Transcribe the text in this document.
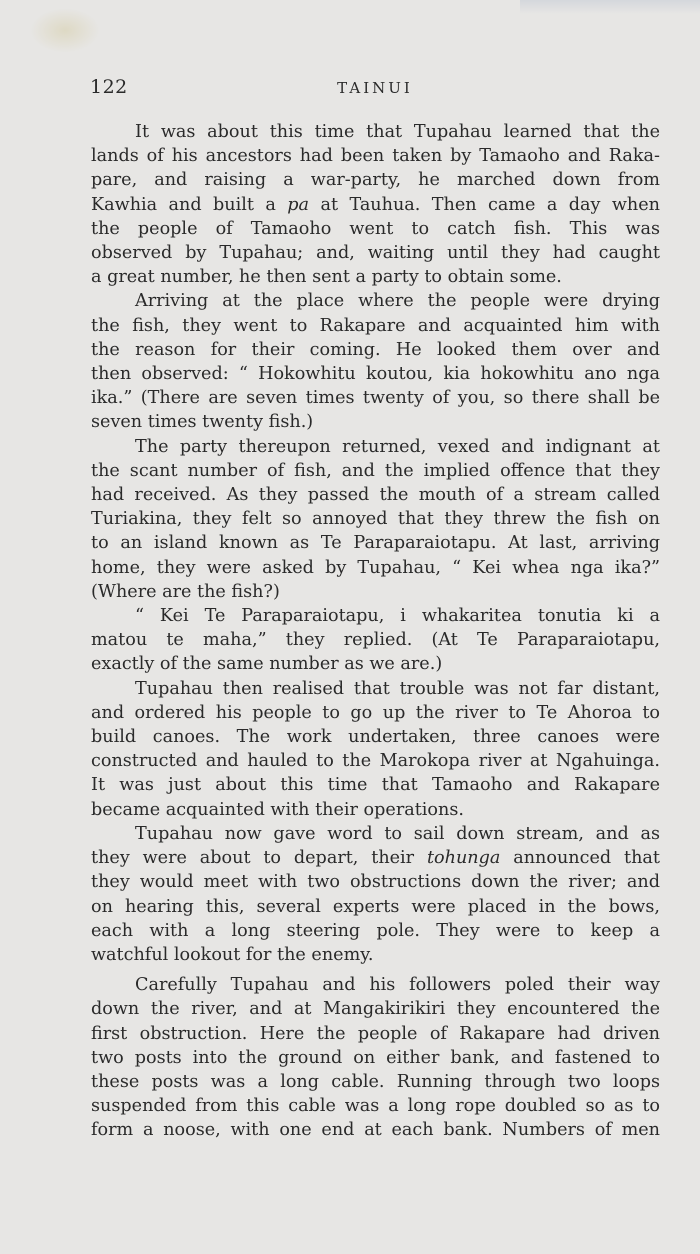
122	TAINUI
It was about this time that Tupahau learned that the
lands of his ancestors had been taken by Tamaoho and Raka-
pare, and raising a war-party, he marched down from
Kawhia and built a pa at Tauhua. Then came a day when
the people of Tamaoho went to catch fish. This was
observed by Tupahau; and, waiting until they had caught
a great number, he then sent a party to obtain some.
Arriving at the place where the people were drying
the fish, they went to Rakapare and acquainted him with
the reason for their coming. He looked them over and
then observed: “ Hokowhitu koutou, kia hokowhitu ano nga
ika.” (There are seven times twenty of you, so there shall be
seven times twenty fish.)
The party thereupon returned, vexed and indignant at
the scant number of fish, and the implied offence that they
had received. As they passed the mouth of a stream called
Turiakina, they felt so annoyed that they threw the fish on
to an island known as Te Paraparaiotapu. At last, arriving
home, they were asked by Tupahau, “ Kei whea nga ika?”
(Where are the fish?)
“ Kei Te Paraparaiotapu, i whakaritea tonutia ki a
matou te maha,” they replied. (At Te Paraparaiotapu,
exactly of the same number as we are.)
Tupahau then realised that trouble was not far distant,
and ordered his people to go up the river to Te Ahoroa to
build canoes. The work undertaken, three canoes were
constructed and hauled to the Marokopa river at Ngahuinga.
It was just about this time that Tamaoho and Rakapare
became acquainted with their operations.
Tupahau now gave word to sail down stream, and as
they were about to depart, their tohunga announced that
they would meet with two obstructions down the river; and
on hearing this, several experts were placed in the bows,
each with a long steering pole. They were to keep a
watchful lookout for the enemy.
Carefully Tupahau and his followers poled their way
down the river, and at Mangakirikiri they encountered the
first obstruction. Here the people of Rakapare had driven
two posts into the ground on either bank, and fastened to
these posts was a long cable. Running through two loops
suspended from this cable was a long rope doubled so as to
form a noose, with one end at each bank. Numbers of men
